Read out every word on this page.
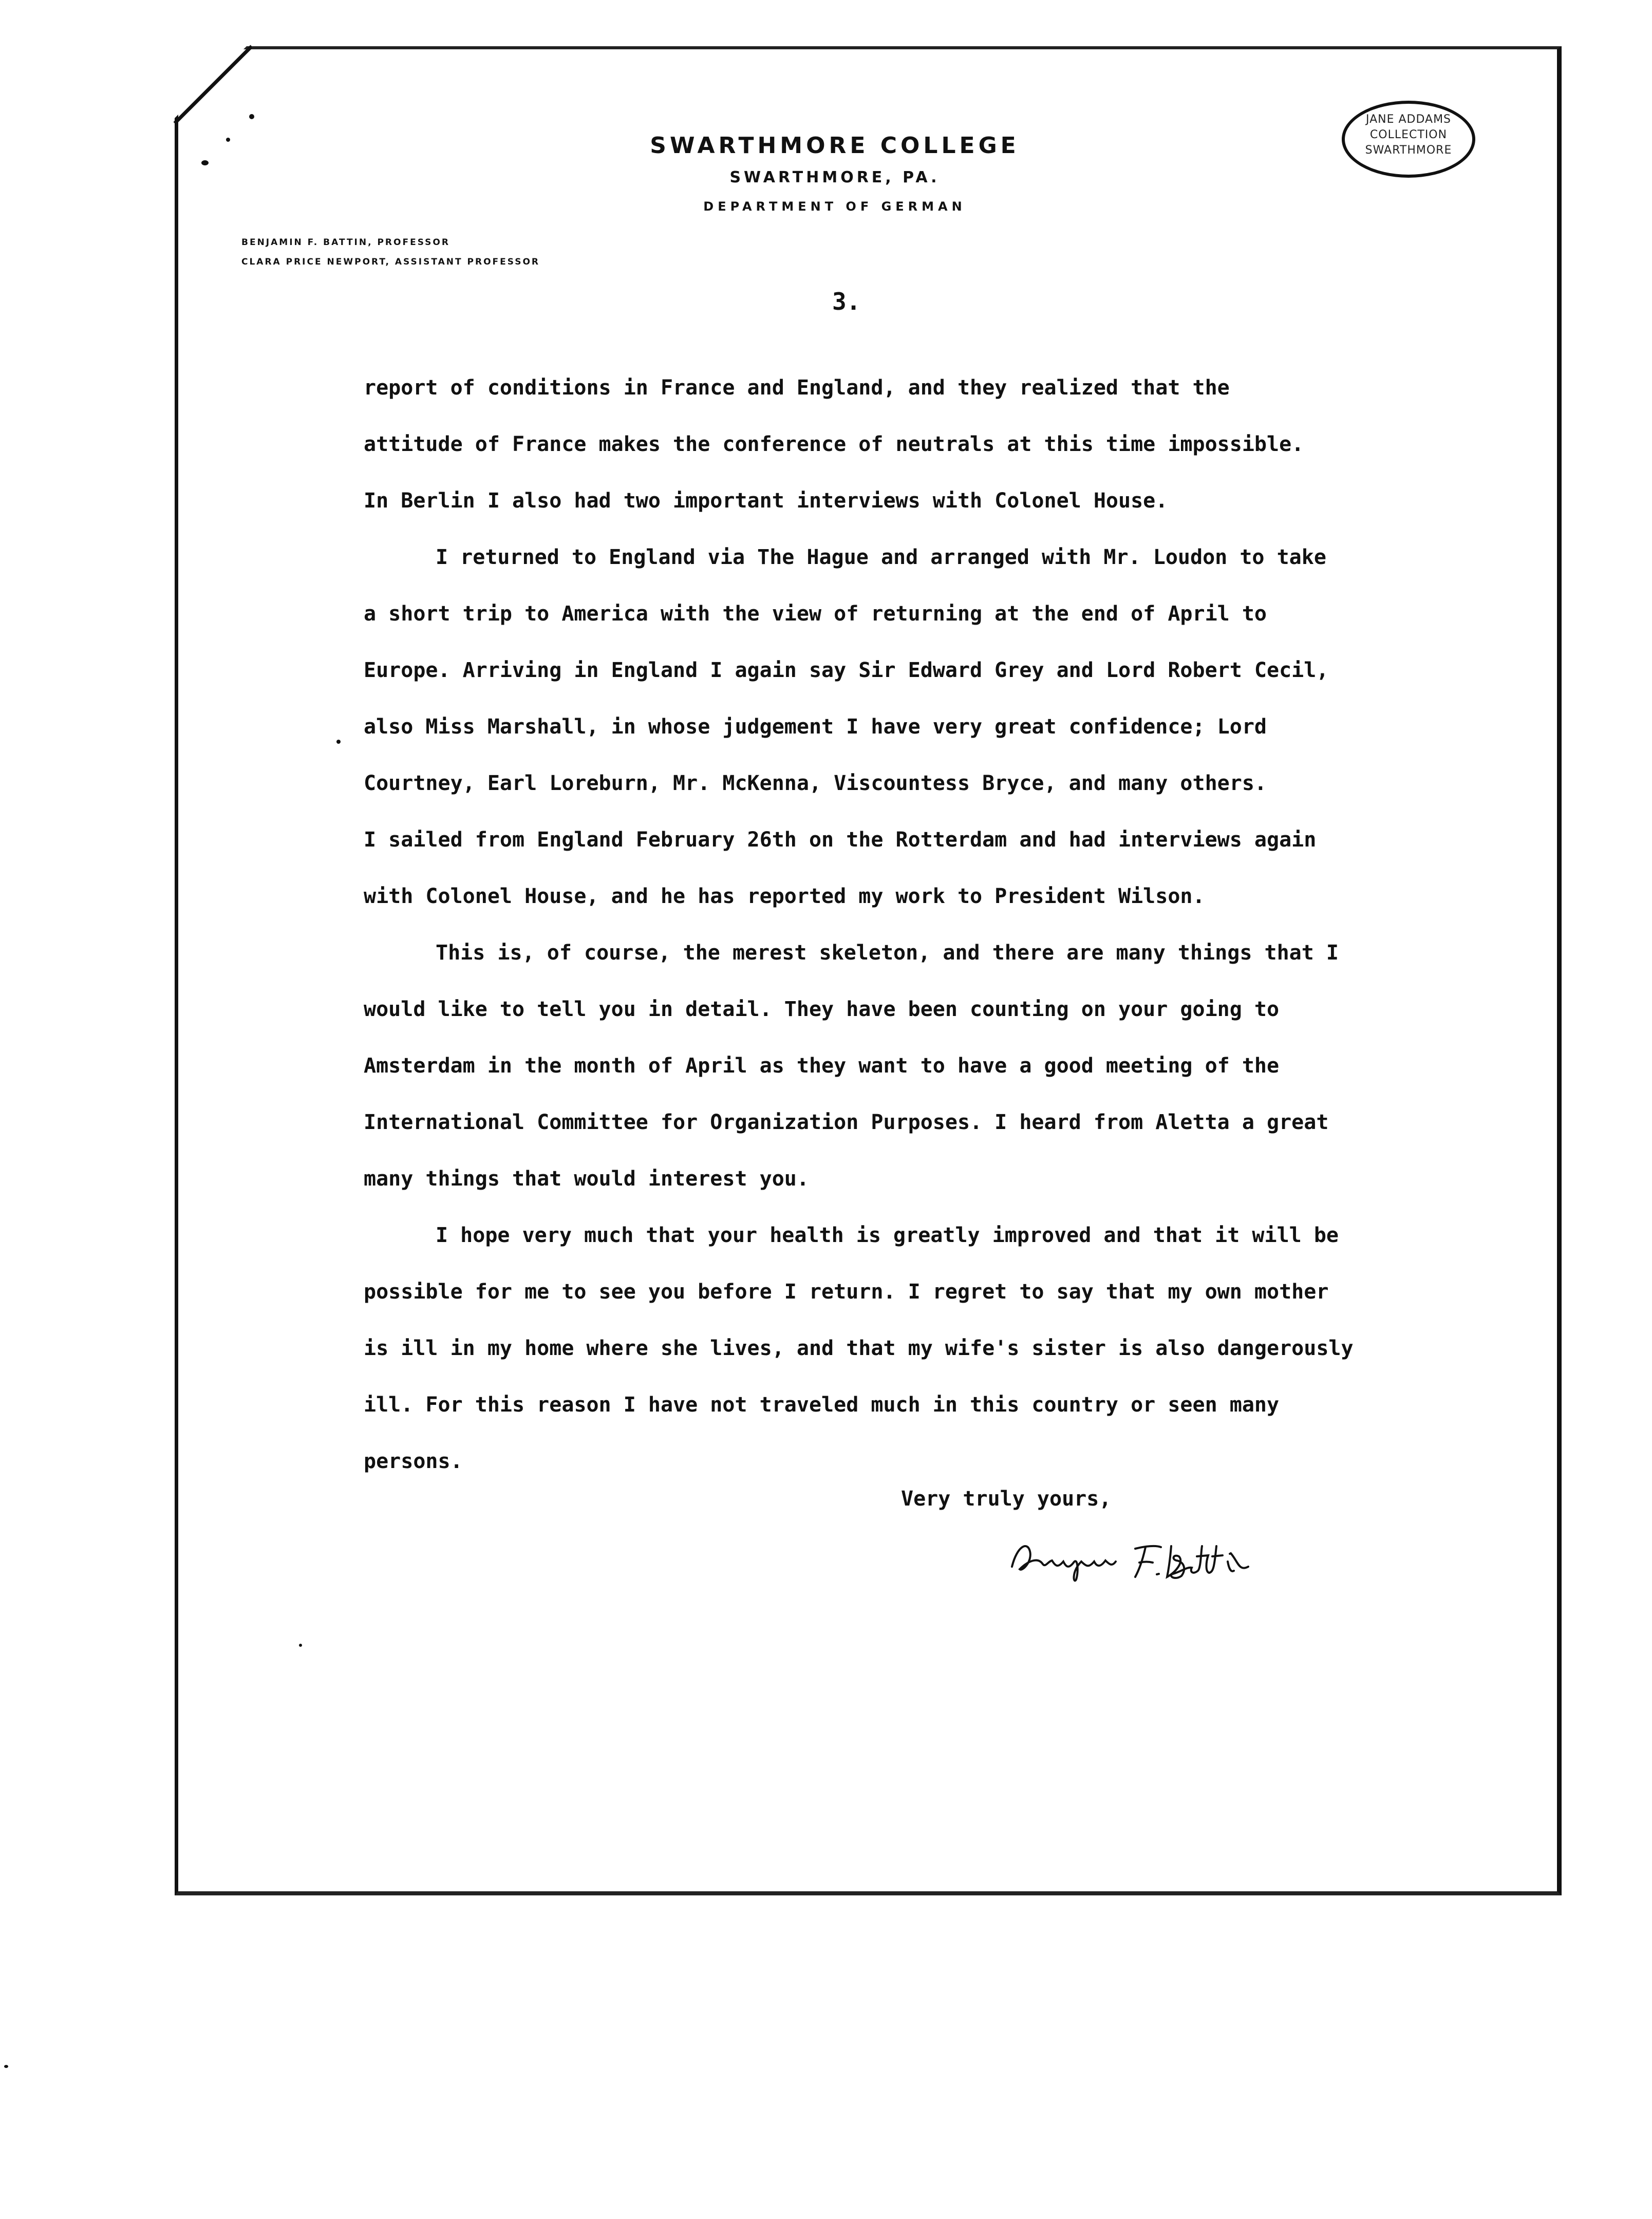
SWARTHMORE COLLEGE
SWARTHMORE, PA.
DEPARTMENT OF GERMAN
BENJAMIN F. BATTIN, PROFESSOR
CLARA PRICE NEWPORT, ASSISTANT PROFESSOR
JANE ADDAMS
COLLECTION
SWARTHMORE
3.
report of conditions in France and England, and they realized that the
attitude of France makes the conference of neutrals at this time impossible.
In Berlin I also had two important interviews with Colonel House.
I returned to England via The Hague and arranged with Mr. Loudon to take
a short trip to America with the view of returning at the end of April to
Europe. Arriving in England I again say Sir Edward Grey and Lord Robert Cecil,
also Miss Marshall, in whose judgement I have very great confidence; Lord
Courtney, Earl Loreburn, Mr. McKenna, Viscountess Bryce, and many others.
I sailed from England February 26th on the Rotterdam and had interviews again
with Colonel House, and he has reported my work to President Wilson.
This is, of course, the merest skeleton, and there are many things that I
would like to tell you in detail. They have been counting on your going to
Amsterdam in the month of April as they want to have a good meeting of the
International Committee for Organization Purposes. I heard from Aletta a great
many things that would interest you.
I hope very much that your health is greatly improved and that it will be
possible for me to see you before I return. I regret to say that my own mother
is ill in my home where she lives, and that my wife's sister is also dangerously
ill. For this reason I have not traveled much in this country or seen many
persons.
Very truly yours,
